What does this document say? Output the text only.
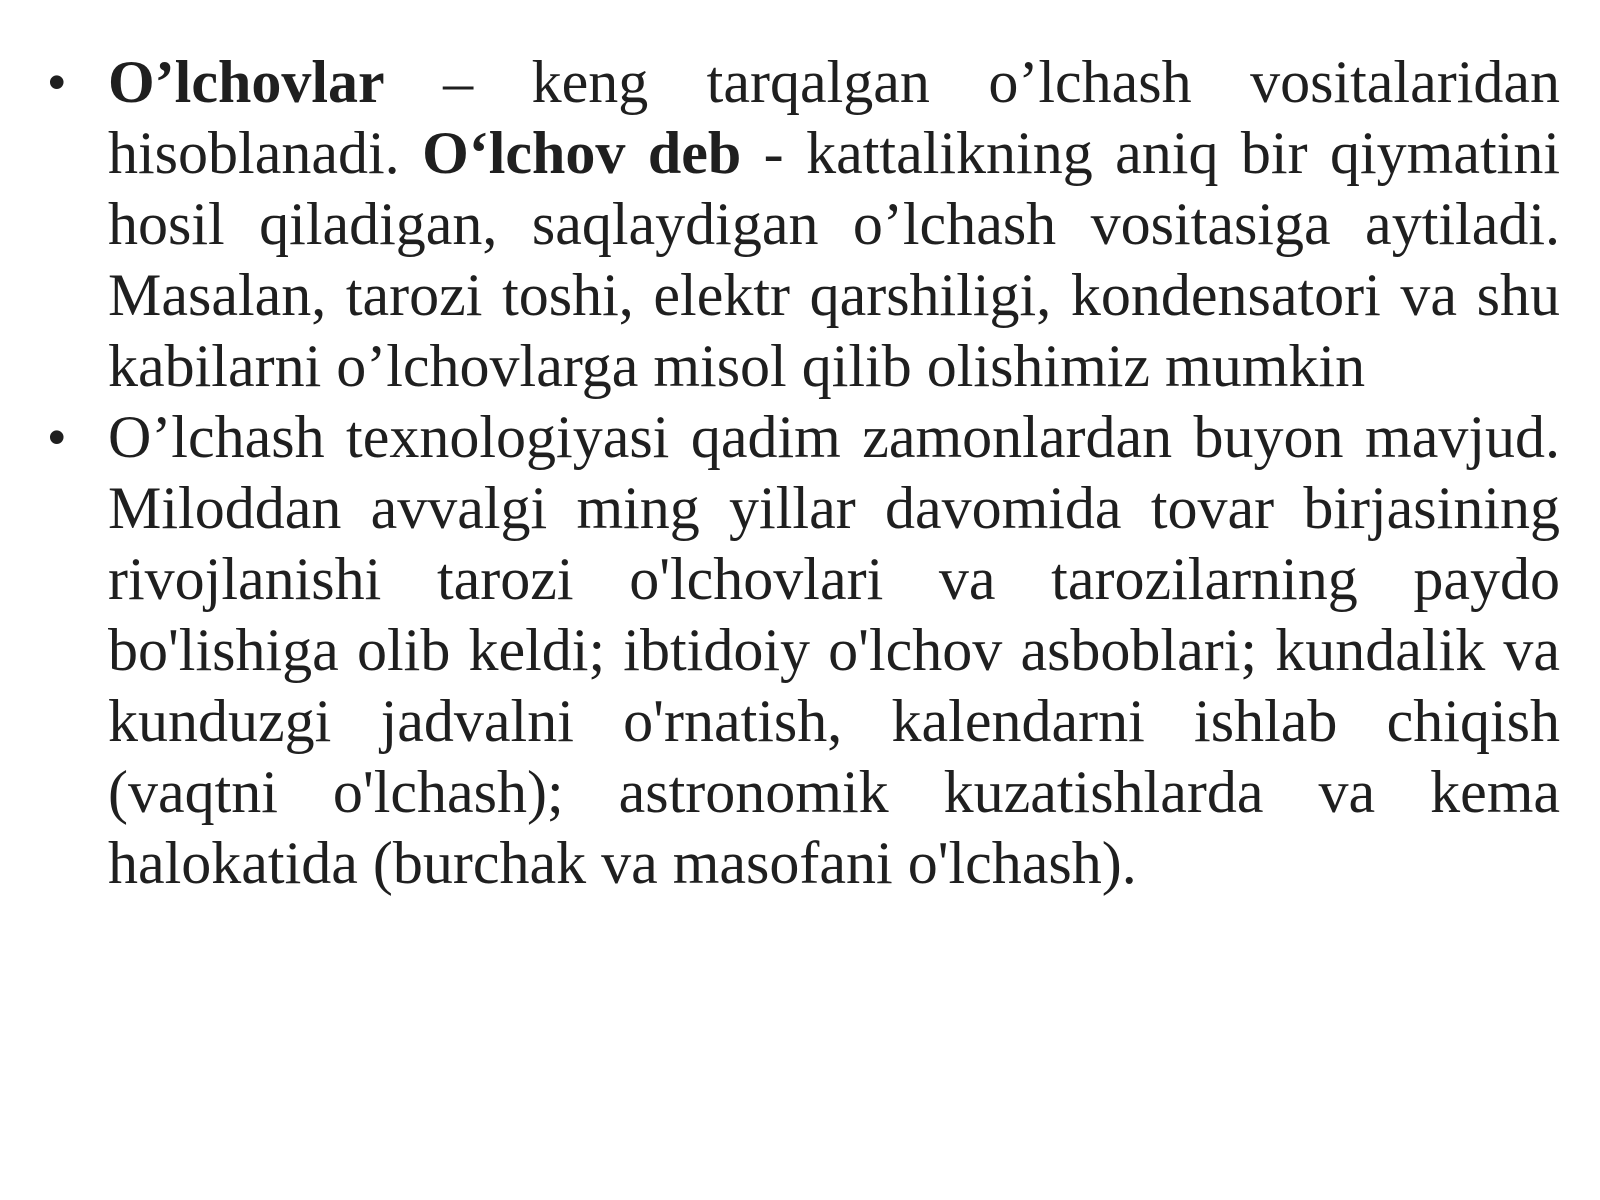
• O’lchovlar – keng tarqalgan o’lchash vositalaridan hisoblanadi. O‘lchov deb - kattalikning aniq bir qiymatini hosil qiladigan, saqlaydigan o’lchash vositasiga aytiladi. Masalan, tarozi toshi, elektr qarshiligi, kondensatori va shu kabilarni o’lchovlarga misol qilib olishimiz mumkin
• O’lchash texnologiyasi qadim zamonlardan buyon mavjud. Miloddan avvalgi ming yillar davomida tovar birjasining rivojlanishi tarozi o'lchovlari va tarozilarning paydo bo'lishiga olib keldi; ibtidoiy o'lchov asboblari; kundalik va kunduzgi jadvalni o'rnatish, kalendarni ishlab chiqish (vaqtni o'lchash); astronomik kuzatishlarda va kema halokatida (burchak va masofani o'lchash).
